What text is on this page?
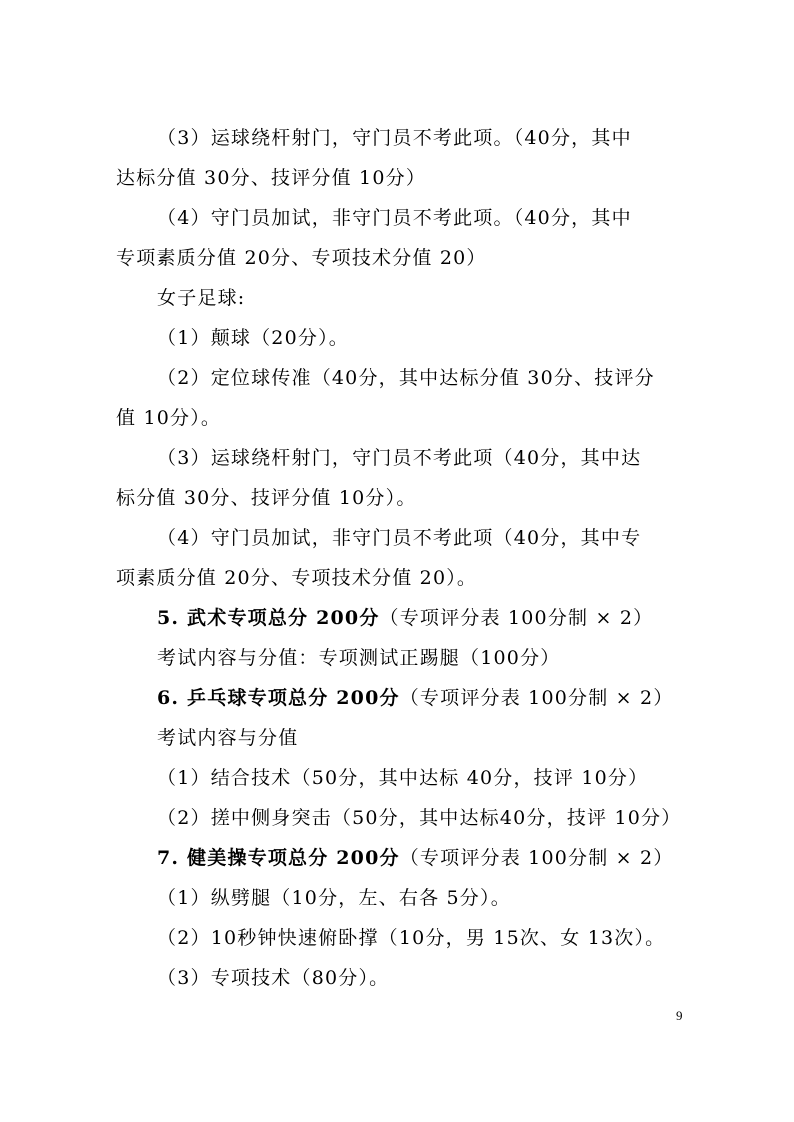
（3）运球绕杆射门，守门员不考此项。（40分，其中
达标分值 30分、技评分值 10分）
（4）守门员加试，非守门员不考此项。（40分，其中
专项素质分值 20分、专项技术分值 20）
女子足球:
（1）颠球（20分）。
（2）定位球传准（40分，其中达标分值 30分、技评分
值 10分）。
（3）运球绕杆射门，守门员不考此项（40分，其中达
标分值 30分、技评分值 10分）。
（4）守门员加试，非守门员不考此项（40分，其中专
项素质分值 20分、专项技术分值 20）。
5. 武术专项总分 200分（专项评分表 100分制 × 2）
考试内容与分值：专项测试正踢腿（100分）
6. 乒乓球专项总分 200分（专项评分表 100分制 × 2）
考试内容与分值
（1）结合技术（50分，其中达标 40分，技评 10分）
（2）搓中侧身突击（50分，其中达标40分，技评 10分）
7. 健美操专项总分 200分（专项评分表 100分制 × 2）
（1）纵劈腿（10分，左、右各 5分）。
（2）10秒钟快速俯卧撑（10分，男 15次、女 13次）。
（3）专项技术（80分）。
9
